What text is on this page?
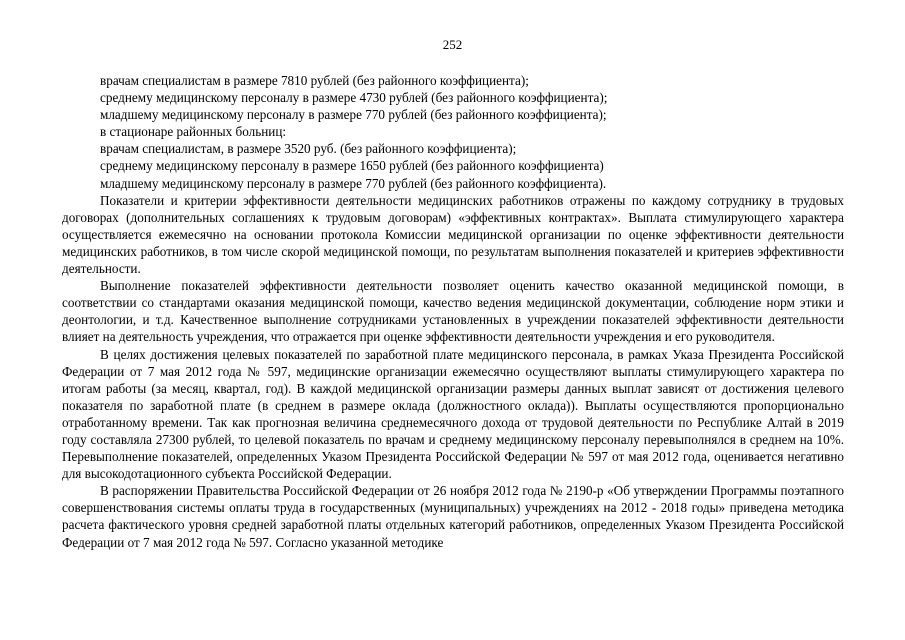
252

врачам специалистам в размере 7810 рублей (без районного коэффициента);

среднему медицинскому персоналу в размере 4730 рублей (без районного коэффициента);

младшему медицинскому персоналу в размере 770 рублей (без районного коэффициента);

в стационаре районных больниц:

врачам специалистам, в размере 3520 руб. (без районного коэффициента);

среднему медицинскому персоналу в размере 1650 рублей (без районного коэффициента)

младшему медицинскому персоналу в размере 770 рублей (без районного коэффициента).

Показатели и критерии эффективности деятельности медицинских работников отражены по каждому сотруднику в трудовых договорах (дополнительных соглашениях к трудовым договорам) «эффективных контрактах». Выплата стимулирующего характера осуществляется ежемесячно на основании протокола Комиссии медицинской организации по оценке эффективности деятельности медицинских работников, в том числе скорой медицинской помощи, по результатам выполнения показателей и критериев эффективности деятельности.

Выполнение показателей эффективности деятельности позволяет оценить качество оказанной медицинской помощи, в соответствии со стандартами оказания медицинской помощи, качество ведения медицинской документации, соблюдение норм этики и деонтологии, и т.д. Качественное выполнение сотрудниками установленных в учреждении показателей эффективности деятельности влияет на деятельность учреждения, что отражается при оценке эффективности деятельности учреждения и его руководителя.

В целях достижения целевых показателей по заработной плате медицинского персонала, в рамках Указа Президента Российской Федерации от 7 мая 2012 года № 597, медицинские организации ежемесячно осуществляют выплаты стимулирующего характера по итогам работы (за месяц, квартал, год). В каждой медицинской организации размеры данных выплат зависят от достижения целевого показателя по заработной плате (в среднем в размере оклада (должностного оклада)). Выплаты осуществляются пропорционально отработанному времени. Так как прогнозная величина среднемесячного дохода от трудовой деятельности по Республике Алтай в 2019 году составляла 27300 рублей, то целевой показатель по врачам и среднему медицинскому персоналу перевыполнялся в среднем на 10%. Перевыполнение показателей, определенных Указом Президента Российской Федерации № 597 от мая 2012 года, оценивается негативно для высокодотационного субъекта Российской Федерации.

В распоряжении Правительства Российской Федерации от 26 ноября 2012 года № 2190-р «Об утверждении Программы поэтапного совершенствования системы оплаты труда в государственных (муниципальных) учреждениях на 2012 - 2018 годы» приведена методика расчета фактического уровня средней заработной платы отдельных категорий работников, определенных Указом Президента Российской Федерации от 7 мая 2012 года № 597. Согласно указанной методике
